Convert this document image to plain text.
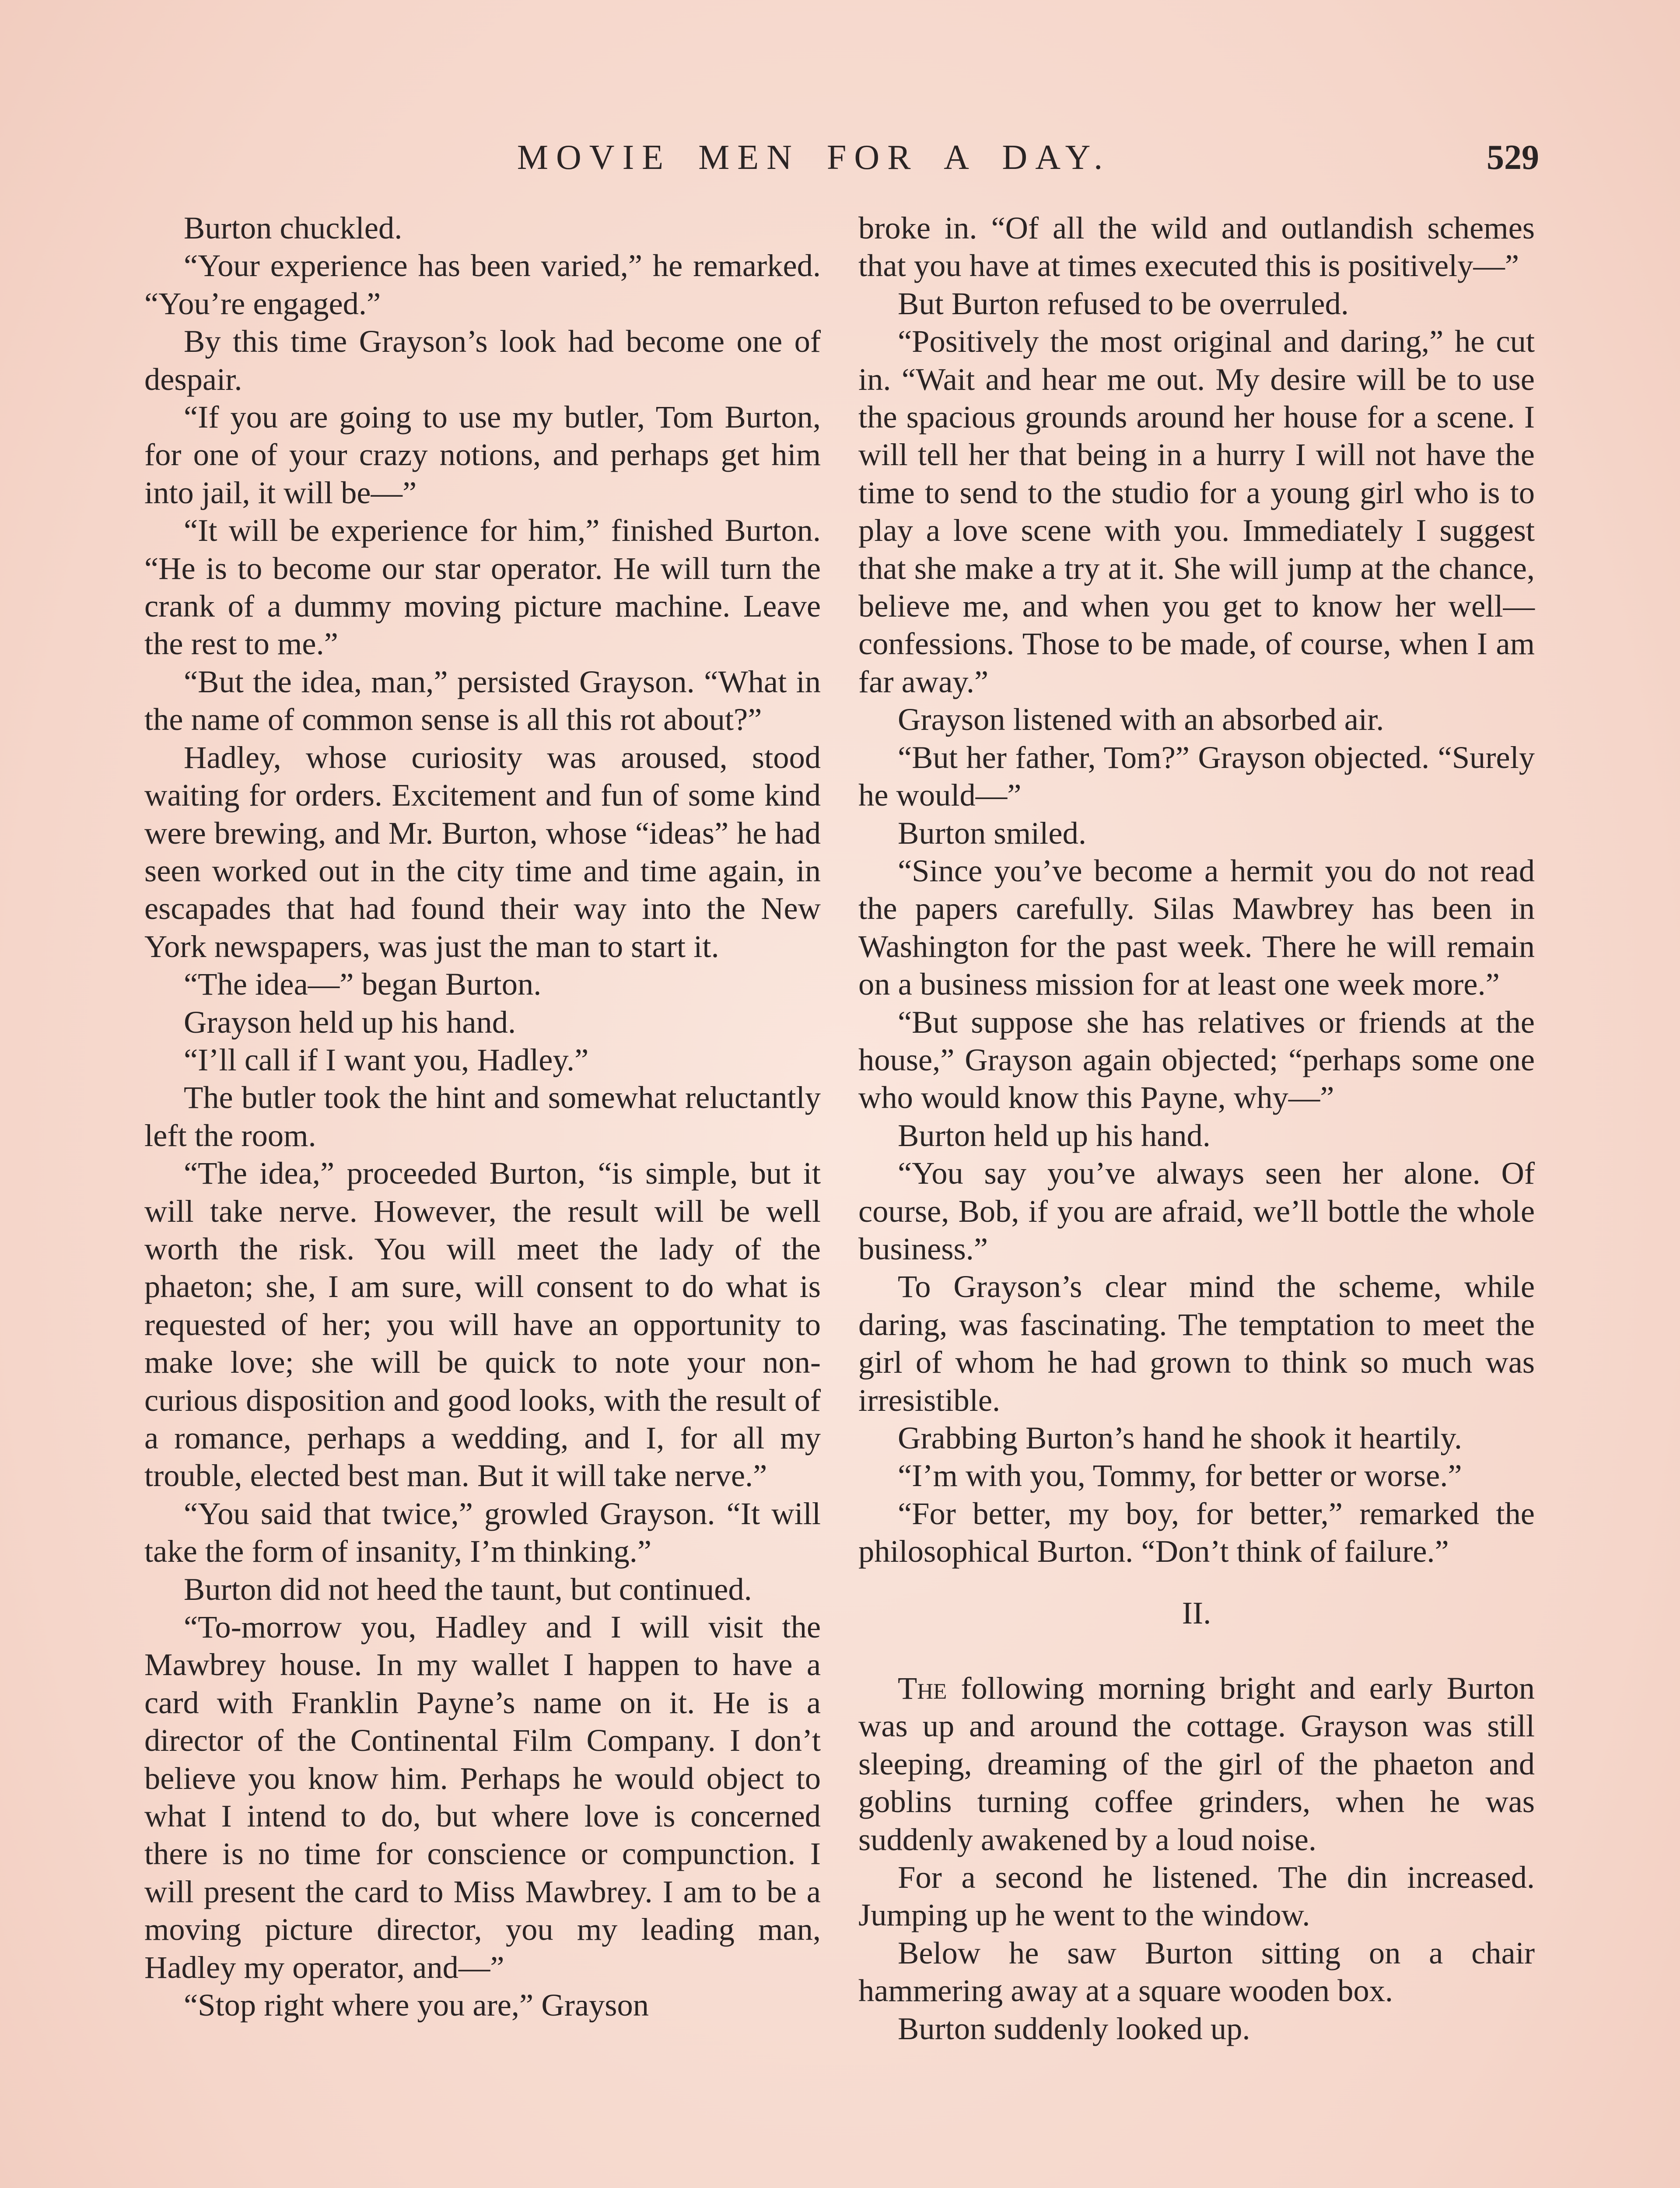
MOVIE MEN FOR A DAY.	529

Burton chuckled.

“Your experience has been varied,” he remarked. “You’re engaged.”

By this time Grayson’s look had become one of despair.

“If you are going to use my butler, Tom Burton, for one of your crazy notions, and perhaps get him into jail, it will be—”

“It will be experience for him,” finished Burton. “He is to become our star operator. He will turn the crank of a dummy moving picture machine. Leave the rest to me.”

“But the idea, man,” persisted Grayson. “What in the name of common sense is all this rot about?”

Hadley, whose curiosity was aroused, stood waiting for orders. Excitement and fun of some kind were brewing, and Mr. Burton, whose “ideas” he had seen worked out in the city time and time again, in escapades that had found their way into the New York newspapers, was just the man to start it.

“The idea—” began Burton.

Grayson held up his hand.

“I’ll call if I want you, Hadley.”

The butler took the hint and somewhat reluctantly left the room.

“The idea,” proceeded Burton, “is simple, but it will take nerve. However, the result will be well worth the risk. You will meet the lady of the phaeton; she, I am sure, will consent to do what is requested of her; you will have an opportunity to make love; she will be quick to note your non-curious disposition and good looks, with the result of a romance, perhaps a wedding, and I, for all my trouble, elected best man. But it will take nerve.”

“You said that twice,” growled Grayson. “It will take the form of insanity, I’m thinking.”

Burton did not heed the taunt, but continued.

“To-morrow you, Hadley and I will visit the Mawbrey house. In my wallet I happen to have a card with Franklin Payne’s name on it. He is a director of the Continental Film Company. I don’t believe you know him. Perhaps he would object to what I intend to do, but where love is concerned there is no time for conscience or compunction. I will present the card to Miss Mawbrey. I am to be a moving picture director, you my leading man, Hadley my operator, and—”

“Stop right where you are,” Grayson

broke in. “Of all the wild and outlandish schemes that you have at times executed this is positively—”

But Burton refused to be overruled.

“Positively the most original and daring,” he cut in. “Wait and hear me out. My desire will be to use the spacious grounds around her house for a scene. I will tell her that being in a hurry I will not have the time to send to the studio for a young girl who is to play a love scene with you. Immediately I suggest that she make a try at it. She will jump at the chance, believe me, and when you get to know her well—confessions. Those to be made, of course, when I am far away.”

Grayson listened with an absorbed air.

“But her father, Tom?” Grayson objected. “Surely he would—”

Burton smiled.

“Since you’ve become a hermit you do not read the papers carefully. Silas Mawbrey has been in Washington for the past week. There he will remain on a business mission for at least one week more.”

“But suppose she has relatives or friends at the house,” Grayson again objected; “perhaps some one who would know this Payne, why—”

Burton held up his hand.

“You say you’ve always seen her alone. Of course, Bob, if you are afraid, we’ll bottle the whole business.”

To Grayson’s clear mind the scheme, while daring, was fascinating. The temptation to meet the girl of whom he had grown to think so much was irresistible.

Grabbing Burton’s hand he shook it heartily.

“I’m with you, Tommy, for better or worse.”

“For better, my boy, for better,” remarked the philosophical Burton. “Don’t think of failure.”

II.

The following morning bright and early Burton was up and around the cottage. Grayson was still sleeping, dreaming of the girl of the phaeton and goblins turning coffee grinders, when he was suddenly awakened by a loud noise.

For a second he listened. The din increased. Jumping up he went to the window.

Below he saw Burton sitting on a chair hammering away at a square wooden box.

Burton suddenly looked up.
